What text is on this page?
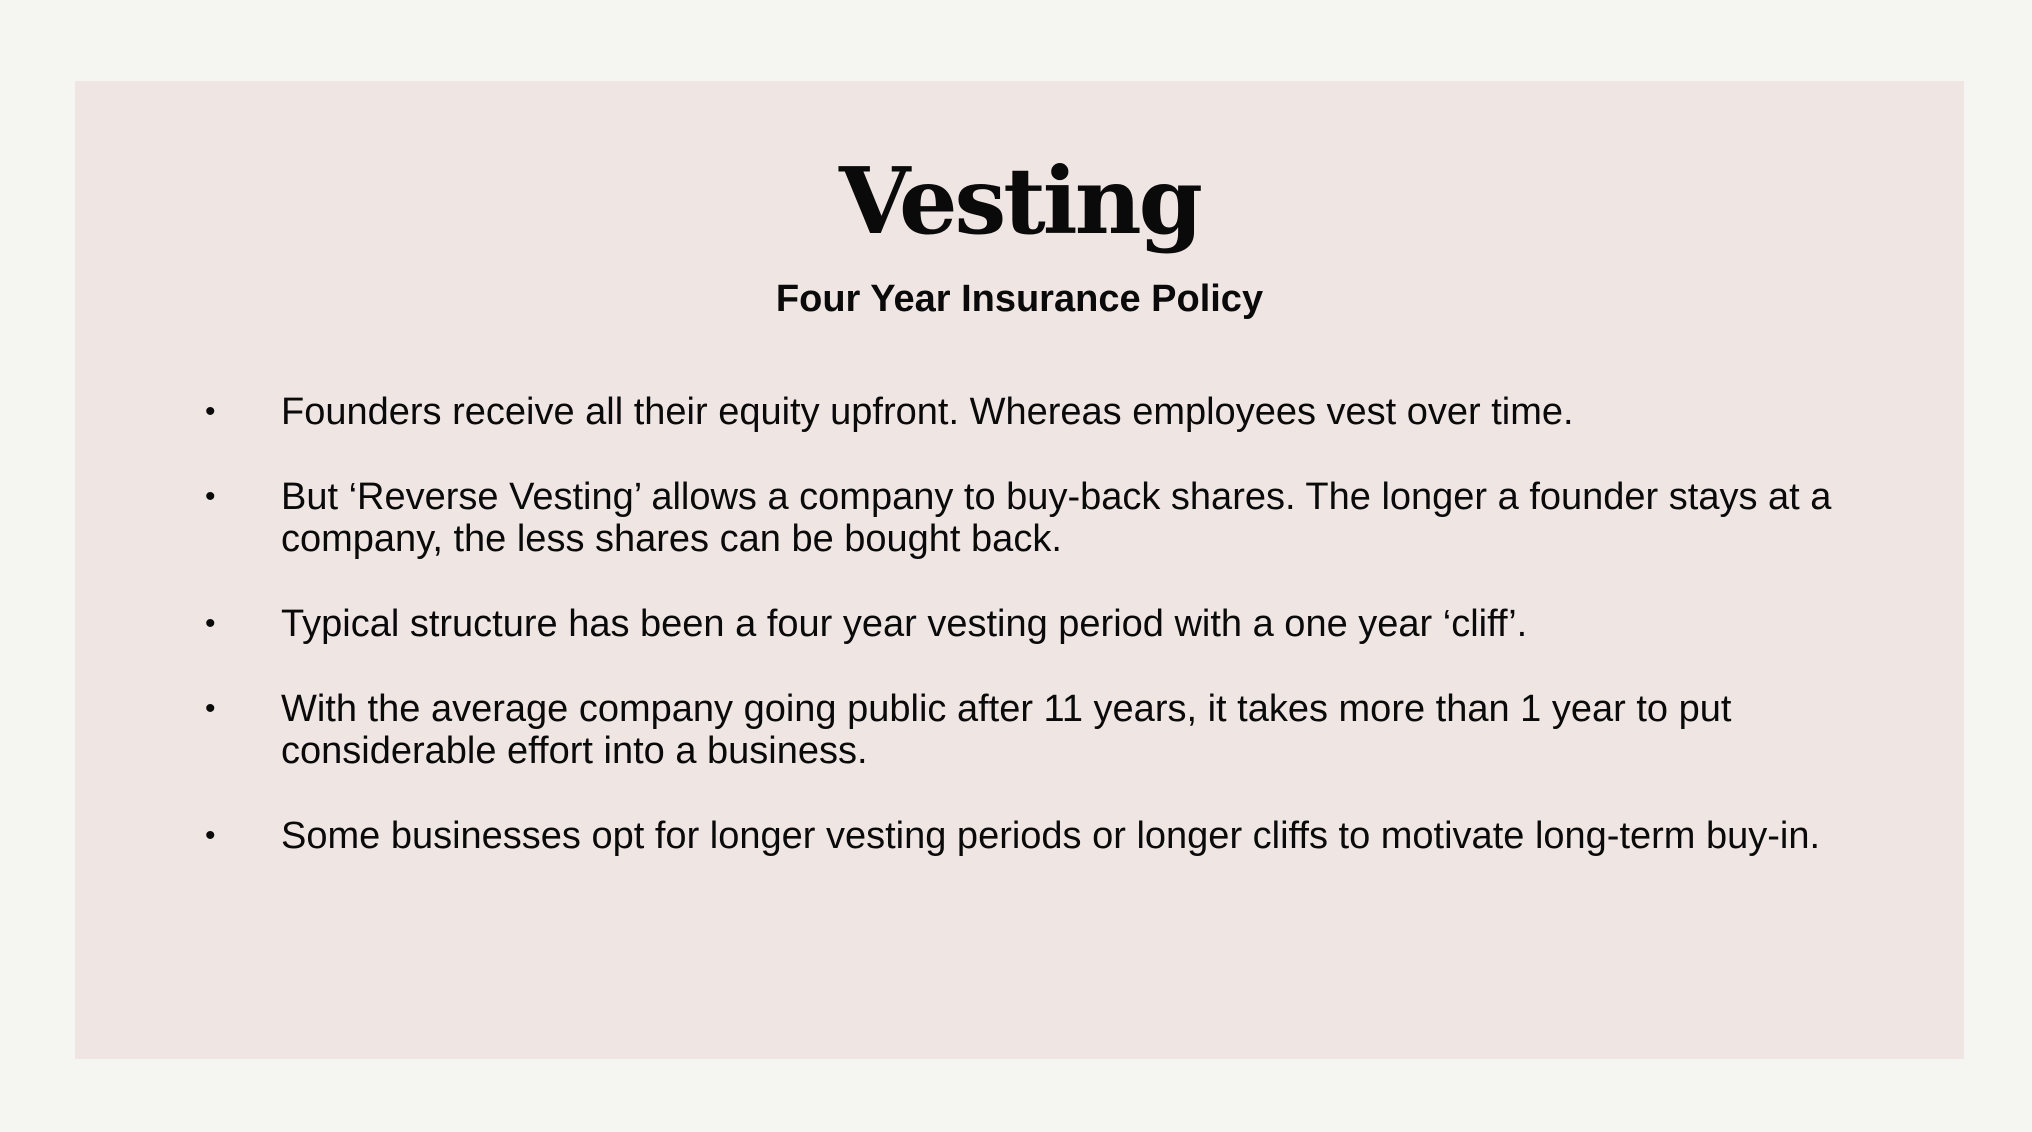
Vesting
Four Year Insurance Policy
•	Founders receive all their equity upfront. Whereas employees vest over time.
•	But ‘Reverse Vesting’ allows a company to buy-back shares. The longer a founder stays at a company, the less shares can be bought back.
•	Typical structure has been a four year vesting period with a one year ‘cliff’.
•	With the average company going public after 11 years, it takes more than 1 year to put considerable effort into a business.
•	Some businesses opt for longer vesting periods or longer cliffs to motivate long-term buy-in.
